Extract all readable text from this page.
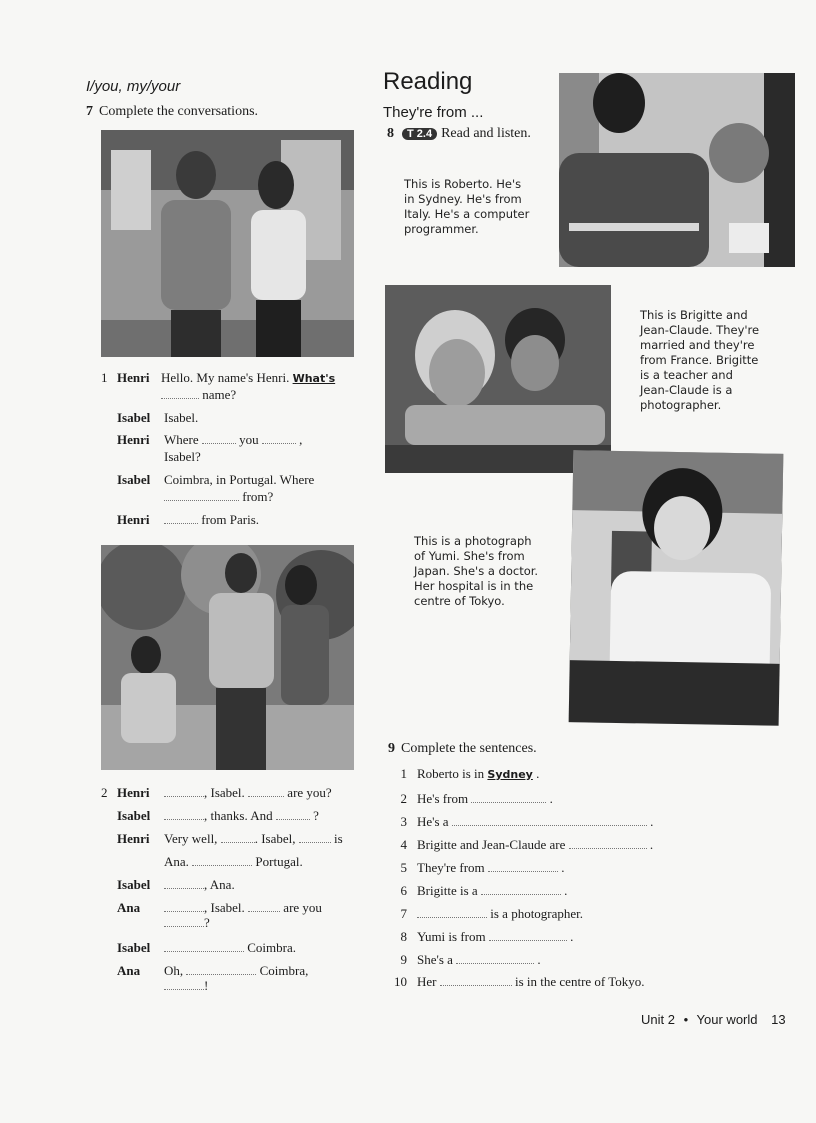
I/you, my/your
7 Complete the conversations.
1 Henri Hello. My name's Henri. What's
name?
Isabel	Isabel.
Henri	Where	you	,
Isabel?
Isabel	Coimbra, in Portugal. Where
from?
Henri	from Paris.
2 Henri	, Isabel.	are you?
Isabel	, thanks. And	?
Henri	Very well,	. Isabel,	is
Ana.	Portugal.
Isabel	, Ana.
Ana	, Isabel.	are you
?
Isabel	Coimbra.
Ana	Oh,	Coimbra,
!
Reading
They're from ...
8 T 2.4 Read and listen.
This is Roberto. He's in Sydney. He's from Italy. He's a computer programmer.
This is Brigitte and Jean-Claude. They're married and they're from France. Brigitte is a teacher and Jean-Claude is a photographer.
This is a photograph of Yumi. She's from Japan. She's a doctor. Her hospital is in the centre of Tokyo.
9 Complete the sentences.
1 Roberto is in Sydney .
2 He's from	.
3 He's a	.
4 Brigitte and Jean-Claude are	.
5 They're from	.
6 Brigitte is a	.
7	is a photographer.
8 Yumi is from	.
9 She's a	.
10 Her	is in the centre of Tokyo.
Unit 2 • Your world 13
